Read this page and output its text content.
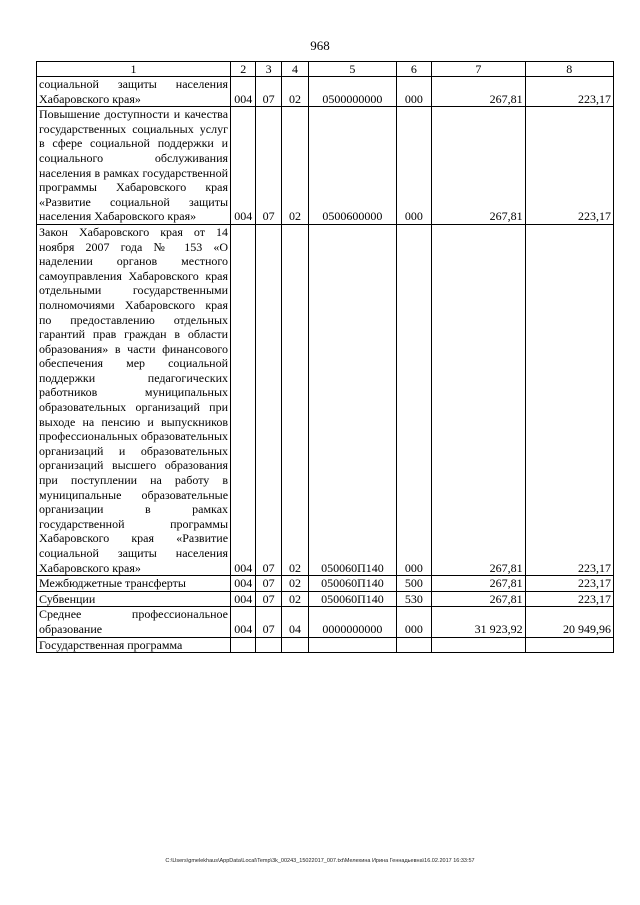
968
1	2	3	4	5	6	7	8
социальной защиты населения Хабаровского края»	004	07	02	0500000000	000	267,81	223,17
Повышение доступности и качества государственных социальных услуг в сфере социальной поддержки и социального обслуживания населения в рамках государственной программы Хабаровского края «Развитие социальной защиты населения Хабаровского края»	004	07	02	0500600000	000	267,81	223,17
Закон Хабаровского края от 14 ноября 2007 года № 153 «О наделении органов местного самоуправления Хабаровского края отдельными государственными полномочиями Хабаровского края по предоставлению отдельных гарантий прав граждан в области образования» в части финансового обеспечения мер социальной поддержки педагогических работников муниципальных образовательных организаций при выходе на пенсию и выпускников профессиональных образовательных организаций и образовательных организаций высшего образования при поступлении на работу в муниципальные образовательные организации в рамках государственной программы Хабаровского края «Развитие социальной защиты населения Хабаровского края»	004	07	02	050060П140	000	267,81	223,17
Межбюджетные трансферты	004	07	02	050060П140	500	267,81	223,17
Субвенции	004	07	02	050060П140	530	267,81	223,17
Среднее профессиональное образование	004	07	04	0000000000	000	31 923,92	20 949,96
Государственная программа							
C:\Users\gmelekhaus\AppData\Local\Temp\3k_00243_15022017_007.txt\Мелехина Ирина Геннадьевна\16.02.2017 16:33:57
